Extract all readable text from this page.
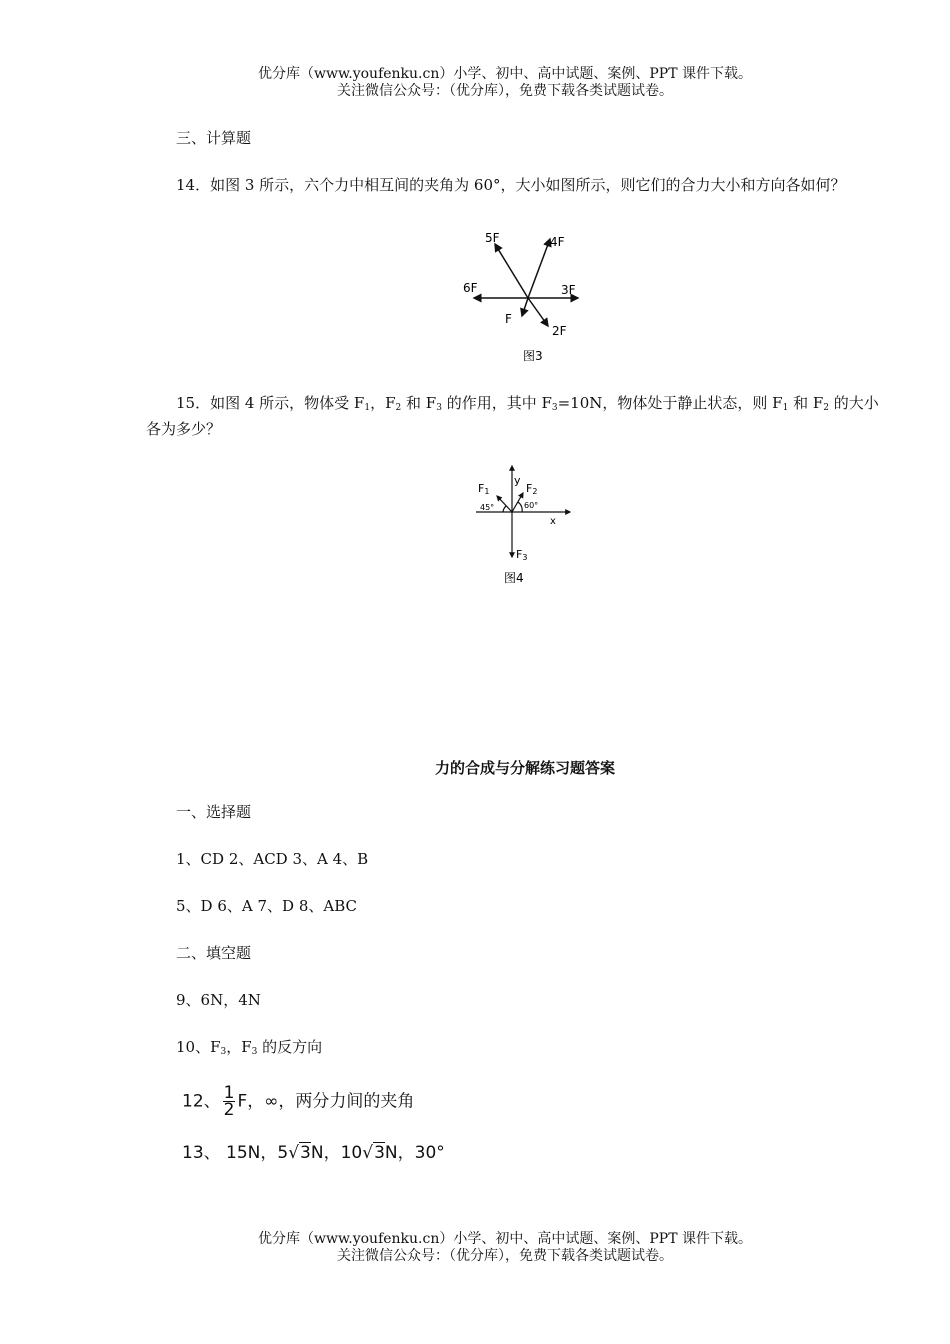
优分库（www.youfenku.cn）小学、初中、高中试题、案例、PPT 课件下载。
关注微信公众号：（优分库），免费下载各类试题试卷。
三、计算题
14．如图 3 所示，六个力中相互间的夹角为 60°，大小如图所示，则它们的合力大小和方向各如何？
5F	4F
6F	3F
F
2F
图3
15．如图 4 所示，物体受 $F_1$，$F_2$ 和 $F_3$ 的作用，其中 $F_3=10N$，物体处于静止状态，则 $F_1$ 和 $F_2$ 的大小
各为多少？
F1	F2
F3
y
x
45°	60°
图4
力的合成与分解练习题答案
一、选择题
1、CD 2、ACD 3、A 4、B
5、D 6、A 7、D 8、ABC
二、填空题
9、6N，4N
10、$F_3$，$F_3$ 的反方向
12、 $\frac{1}{2}$ F，∞，两分力间的夹角
13、 15N，5√3N，10√3N，30°
优分库（www.youfenku.cn）小学、初中、高中试题、案例、PPT 课件下载。
关注微信公众号：（优分库），免费下载各类试题试卷。
